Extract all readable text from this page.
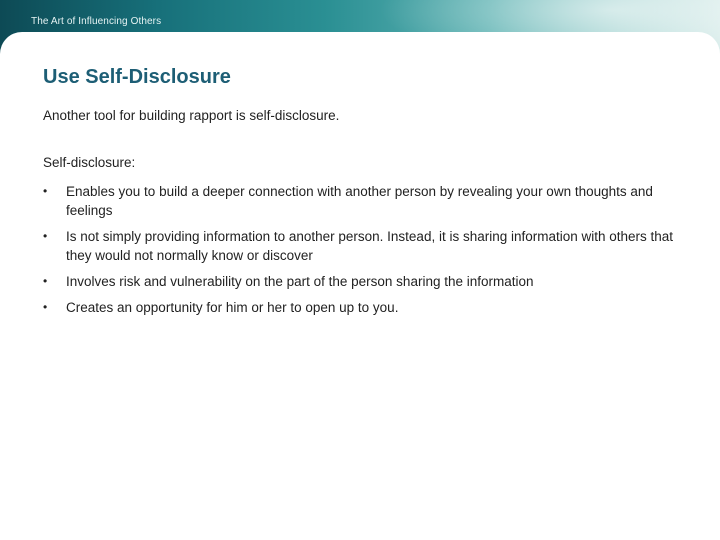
The Art of Influencing Others
Use Self-Disclosure
Another tool for building rapport is self-disclosure.
Self-disclosure:
• Enables you to build a deeper connection with another person by revealing your own thoughts and feelings
• Is not simply providing information to another person. Instead, it is sharing information with others that they would not normally know or discover
• Involves risk and vulnerability on the part of the person sharing the information
• Creates an opportunity for him or her to open up to you.
